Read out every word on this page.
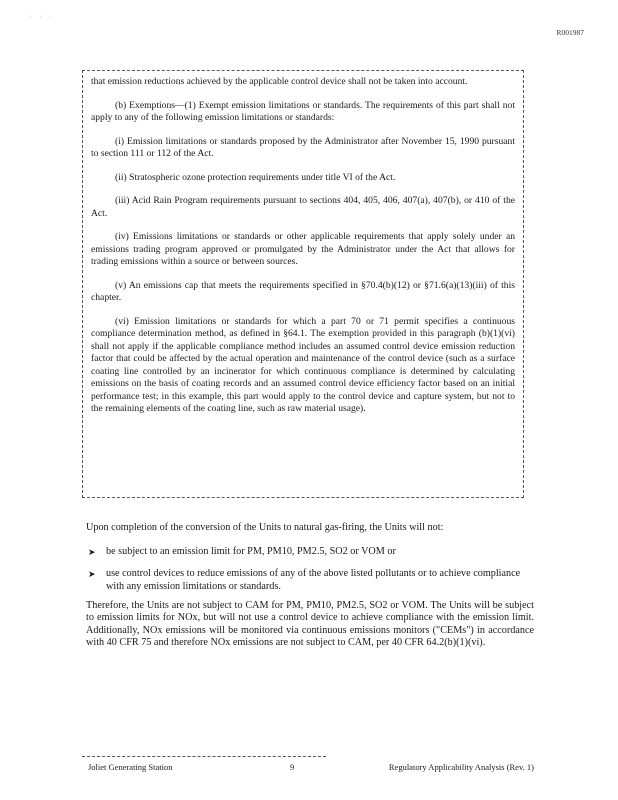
· · ·
R001987

that emission reductions achieved by the applicable control device shall not be taken into account.

(b) Exemptions—(1) Exempt emission limitations or standards. The requirements of this part shall not apply to any of the following emission limitations or standards:

(i) Emission limitations or standards proposed by the Administrator after November 15, 1990 pursuant to section 111 or 112 of the Act.

(ii) Stratospheric ozone protection requirements under title VI of the Act.

(iii) Acid Rain Program requirements pursuant to sections 404, 405, 406, 407(a), 407(b), or 410 of the Act.

(iv) Emissions limitations or standards or other applicable requirements that apply solely under an emissions trading program approved or promulgated by the Administrator under the Act that allows for trading emissions within a source or between sources.

(v) An emissions cap that meets the requirements specified in §70.4(b)(12) or §71.6(a)(13)(iii) of this chapter.

(vi) Emission limitations or standards for which a part 70 or 71 permit specifies a continuous compliance determination method, as defined in §64.1. The exemption provided in this paragraph (b)(1)(vi) shall not apply if the applicable compliance method includes an assumed control device emission reduction factor that could be affected by the actual operation and maintenance of the control device (such as a surface coating line controlled by an incinerator for which continuous compliance is determined by calculating emissions on the basis of coating records and an assumed control device efficiency factor based on an initial performance test; in this example, this part would apply to the control device and capture system, but not to the remaining elements of the coating line, such as raw material usage).

Upon completion of the conversion of the Units to natural gas-firing, the Units will not:
➤ be subject to an emission limit for PM, PM10, PM2.5, SO2 or VOM or
➤ use control devices to reduce emissions of any of the above listed pollutants or to achieve compliance with any emission limitations or standards.
Therefore, the Units are not subject to CAM for PM, PM10, PM2.5, SO2 or VOM. The Units will be subject to emission limits for NOx, but will not use a control device to achieve compliance with the emission limit. Additionally, NOx emissions will be monitored via continuous emissions monitors ("CEMs") in accordance with 40 CFR 75 and therefore NOx emissions are not subject to CAM, per 40 CFR 64.2(b)(1)(vi).
Joliet Generating Station	9	Regulatory Applicability Analysis (Rev. 1)
